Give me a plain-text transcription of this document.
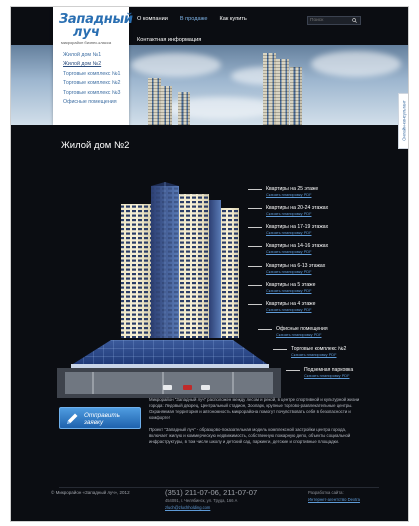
Западный
луч
микрорайон бизнес-класса
Жилой дом №1
Жилой дом №2
Торговые комплекс №1
Торговые комплекс №2
Торговые комплекс №3
Офисные помещения
О компании В продаже Как купить
Контактная информация
Поиск
Онлайн-консультант
Жилой дом №2
Квартиры на 25 этаже
Скачать планировку PDF
Квартиры на 20-24 этажах
Скачать планировку PDF
Квартиры на 17-19 этажах
Скачать планировку PDF
Квартиры на 14-16 этажах
Скачать планировку PDF
Квартиры на 6-13 этажах
Скачать планировку PDF
Квартиры на 5 этаже
Скачать планировку PDF
Квартиры на 4 этаже
Скачать планировку PDF
Офисные помещения
Скачать планировку PDF
Торговые комплекс №2
Скачать планировку PDF
Подземная парковка
Скачать планировку PDF
Отправить
заявку

Микрорайон "Западный луч" расположен между лесом и рекой, в центре спортивной и культурной жизни города: Ледовый дворец, Центральный стадион, Зоопарк, крупные торгово-развлекательные центры. Охраняемая территория и автономность микрорайона помогут почувствовать себя в безопасности и комфорте!

Проект "Западный луч" - образцово-показательная модель комплексной застройки центра города, включает жилую и коммерческую недвижимость, собственную пожарную депо, объекты социальной инфраструктуры, в том числе школу и детский сад, паркинги, детские и спортивные площадки.

© Микрорайон «Западный луч», 2012	(351) 211-07-06, 211-07-07
454091, г. Челябинск, ул. Труда, 166 А
zluch@zluchholding.com
Разработка сайта:
Интернет-агентство Dextra
